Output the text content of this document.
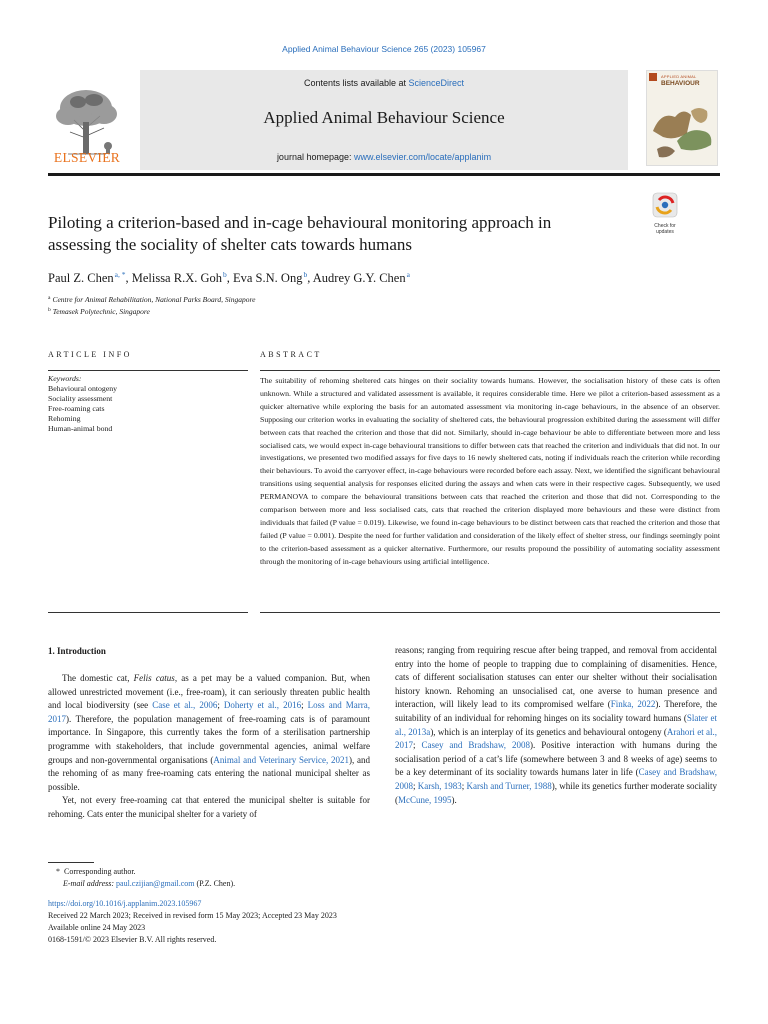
Applied Animal Behaviour Science 265 (2023) 105967
ELSEVIER
Contents lists available at ScienceDirect
Applied Animal Behaviour Science
journal homepage: www.elsevier.com/locate/applanim
APPLIED ANIMAL
BEHAVIOUR
Piloting a criterion-based and in-cage behavioural monitoring approach in
assessing the sociality of shelter cats towards humans
Check for
updates
Paul Z. Chen$^{a, *}$, Melissa R.X. Goh$^b$, Eva S.N. Ong$^b$, Audrey G.Y. Chen$^a$
$^a$ Centre for Animal Rehabilitation, National Parks Board, Singapore
$^b$ Temasek Polytechnic, Singapore
ARTICLE INFO	ABSTRACT
Keywords:
Behavioural ontogeny
Sociality assessment
Free-roaming cats
Rehoming
Human-animal bond
The suitability of rehoming sheltered cats hinges on their sociality towards humans. However, the socialisation history of these cats is often unknown. While a structured and validated assessment is available, it requires considerable time. Here we pilot a criterion-based assessment as a quicker alternative while exploring the basis for an automated assessment via monitoring in-cage behaviours, in the absence of an observer. Supposing our criterion works in evaluating the sociality of sheltered cats, the behavioural progression exhibited during the assessment will differ between cats that reached the criterion and those that did not. Similarly, should in-cage behaviour be able to differentiate between more and less socialised cats, we would expect in-cage behavioural transitions to differ between cats that reached the criterion and individuals that did not. In our investigations, we presented two modified assays for five days to 16 newly sheltered cats, noting if individuals reach the criterion while recording their behaviours. To avoid the carryover effect, in-cage behaviours were recorded before each assay. Next, we identified the significant behavioural transitions using sequential analysis for responses elicited during the assays and when cats were in their respective cages. Subsequently, we used PERMANOVA to compare the behavioural transitions between cats that reached the criterion and those that did not. Corresponding to the comparison between more and less socialised cats, cats that reached the criterion displayed more behaviours and these were distinct from individuals that failed (P value = 0.019). Likewise, we found in-cage behaviours to be distinct between cats that reached the criterion and those that failed (P value = 0.001). Despite the need for further validation and consideration of the likely effect of shelter stress, our findings seemingly point to the criterion-based assessment as a quicker alternative. Furthermore, our results propound the possibility of automating sociality assessment through the monitoring of in-cage behaviours using artificial intelligence.
1. Introduction

The domestic cat, Felis catus, as a pet may be a valued companion. But, when allowed unrestricted movement (i.e., free-roam), it can seriously threaten public health and local biodiversity (see Case et al., 2006; Doherty et al., 2016; Loss and Marra, 2017). Therefore, the population management of free-roaming cats is of paramount importance. In Singapore, this currently takes the form of a sterilisation partnership programme with stakeholders, that include governmental agencies, animal welfare groups and non-governmental organisations (Animal and Veterinary Service, 2021), and the rehoming of as many free-roaming cats entering the national municipal shelter as possible.

Yet, not every free-roaming cat that entered the municipal shelter is suitable for rehoming. Cats enter the municipal shelter for a variety of

reasons; ranging from requiring rescue after being trapped, and removal from accidental entry into the home of people to trapping due to complaining of disamenities. Hence, cats of different socialisation statuses can enter our shelter without their socialisation history known. Rehoming an unsocialised cat, one averse to human presence and interaction, will likely lead to its compromised welfare (Finka, 2022). Therefore, the suitability of an individual for rehoming hinges on its sociality toward humans (Slater et al., 2013a), which is an interplay of its genetics and behavioural ontogeny (Arahori et al., 2017; Casey and Bradshaw, 2008). Positive interaction with humans during the socialisation period of a cat’s life (somewhere between 3 and 8 weeks of age) seems to be a key determinant of its sociality towards humans later in life (Casey and Bradshaw, 2008; Karsh, 1983; Karsh and Turner, 1988), while its genetics further moderate sociality (McCune, 1995).

* Corresponding author.
E-mail address: paul.czijian@gmail.com (P.Z. Chen).
https://doi.org/10.1016/j.applanim.2023.105967
Received 22 March 2023; Received in revised form 15 May 2023; Accepted 23 May 2023
Available online 24 May 2023
0168-1591/© 2023 Elsevier B.V. All rights reserved.
